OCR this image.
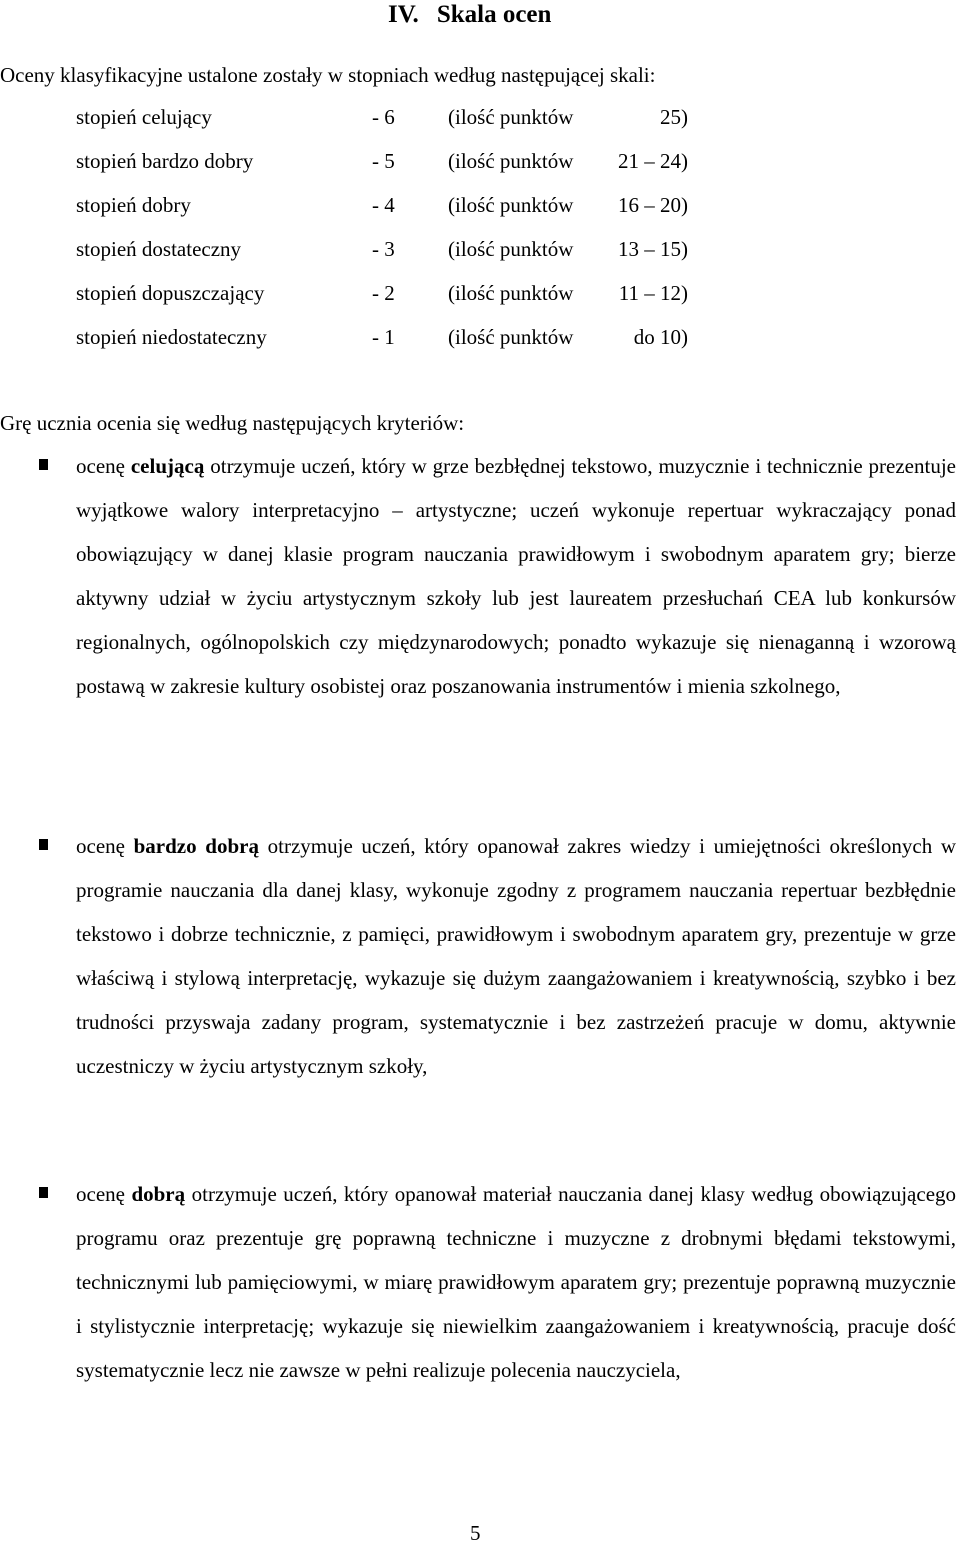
IV. Skala ocen
Oceny klasyfikacyjne ustalone zostały w stopniach według następującej skali:
stopień celujący	- 6	(ilość punktów	25)
stopień bardzo dobry	- 5	(ilość punktów 21 – 24)
stopień dobry	- 4	(ilość punktów 16 – 20)
stopień dostateczny	- 3	(ilość punktów 13 – 15)
stopień dopuszczający	- 2	(ilość punktów 11 – 12)
stopień niedostateczny	- 1	(ilość punktów	do 10)
Grę ucznia ocenia się według następujących kryteriów:

ocenę celującą otrzymuje uczeń, który w grze bezbłędnej tekstowo, muzycznie i technicznie prezentuje wyjątkowe walory interpretacyjno – artystyczne; uczeń wykonuje repertuar wykraczający ponad obowiązujący w danej klasie program nauczania prawidłowym i swobodnym aparatem gry; bierze aktywny udział w życiu artystycznym szkoły lub jest laureatem przesłuchań CEA lub konkursów regionalnych, ogólnopolskich czy międzynarodowych; ponadto wykazuje się nienaganną i wzorową postawą w zakresie kultury osobistej oraz poszanowania instrumentów i mienia szkolnego,

ocenę bardzo dobrą otrzymuje uczeń, który opanował zakres wiedzy i umiejętności określonych w programie nauczania dla danej klasy, wykonuje zgodny z programem nauczania repertuar bezbłędnie tekstowo i dobrze technicznie, z pamięci, prawidłowym i swobodnym aparatem gry, prezentuje w grze właściwą i stylową interpretację, wykazuje się dużym zaangażowaniem i kreatywnością, szybko i bez trudności przyswaja zadany program, systematycznie i bez zastrzeżeń pracuje w domu, aktywnie uczestniczy w życiu artystycznym szkoły,

ocenę dobrą otrzymuje uczeń, który opanował materiał nauczania danej klasy według obowiązującego programu oraz prezentuje grę poprawną techniczne i muzyczne z drobnymi błędami tekstowymi, technicznymi lub pamięciowymi, w miarę prawidłowym aparatem gry; prezentuje poprawną muzycznie i stylistycznie interpretację; wykazuje się niewielkim zaangażowaniem i kreatywnością, pracuje dość systematycznie lecz nie zawsze w pełni realizuje polecenia nauczyciela,

5
